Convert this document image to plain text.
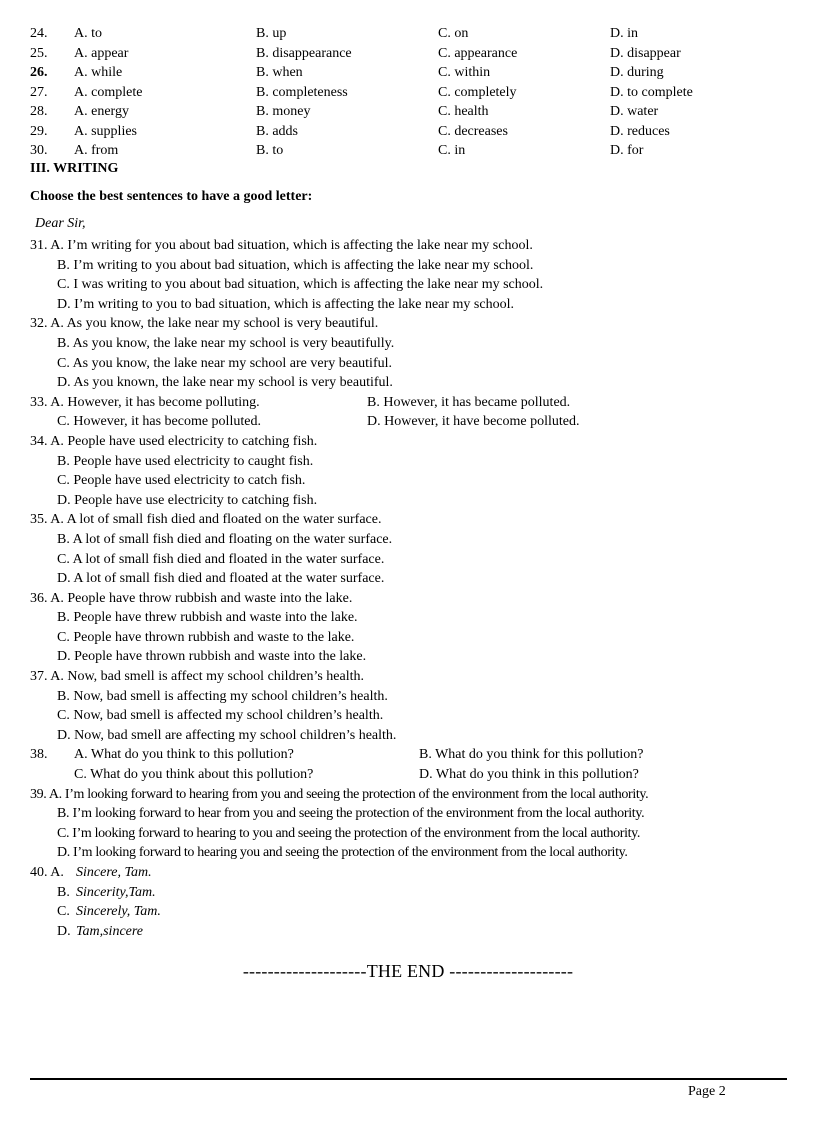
24. A. to	B. up	C. on	D. in
25. A. appear	B. disappearance	C. appearance	D. disappear
26. A. while	B. when	C. within	D. during
27. A. complete	B. completeness	C. completely	D. to complete
28. A. energy	B. money	C. health	D. water
29. A. supplies	B. adds	C. decreases	D. reduces
30. A. from	B. to	C. in	D. for
III. WRITING
Choose the best sentences to have a good letter:
Dear Sir,
31. A. I’m writing for you about bad situation, which is affecting the lake near my school.
B. I’m writing to you about bad situation, which is affecting the lake near my school.
C. I was writing to you about bad situation, which is affecting the lake near my school.
D. I’m writing to you to bad situation, which is affecting the lake near my school.
32. A. As you know, the lake near my school is very beautiful.
B. As you know, the lake near my school is very beautifully.
C. As you know, the lake near my school are very beautiful.
D. As you known, the lake near my school is very beautiful.
33. A. However, it has become polluting.	B. However, it has became polluted.
C. However, it has become polluted.	D. However, it have become polluted.
34. A. People have used electricity to catching fish.
B. People have used electricity to caught fish.
C. People have used electricity to catch fish.
D. People have use electricity to catching fish.
35. A. A lot of small fish died and floated on the water surface.
B. A lot of small fish died and floating on the water surface.
C. A lot of small fish died and floated in the water surface.
D. A lot of small fish died and floated at the water surface.
36. A. People have throw rubbish and waste into the lake.
B. People have threw rubbish and waste into the lake.
C. People have thrown rubbish and waste to the lake.
D. People have thrown rubbish and waste into the lake.
37. A. Now, bad smell is affect my school children’s health.
B. Now, bad smell is affecting my school children’s health.
C. Now, bad smell is affected my school children’s health.
D. Now, bad smell are affecting my school children’s health.
38. A. What do you think to this pollution?	B. What do you think for this pollution?
C. What do you think about this pollution?	D. What do you think in this pollution?
39. A. I’m looking forward to hearing from you and seeing the protection of the environment from the local authority.
B. I’m looking forward to hear from you and seeing the protection of the environment from the local authority.
C. I’m looking forward to hearing to you and seeing the protection of the environment from the local authority.
D. I’m looking forward to hearing you and seeing the protection of the environment from the local authority.
40. A. Sincere, Tam.
B. Sincerity,Tam.
C. Sincerely, Tam.
D. Tam,sincere
--------------------THE END --------------------
Page 2
